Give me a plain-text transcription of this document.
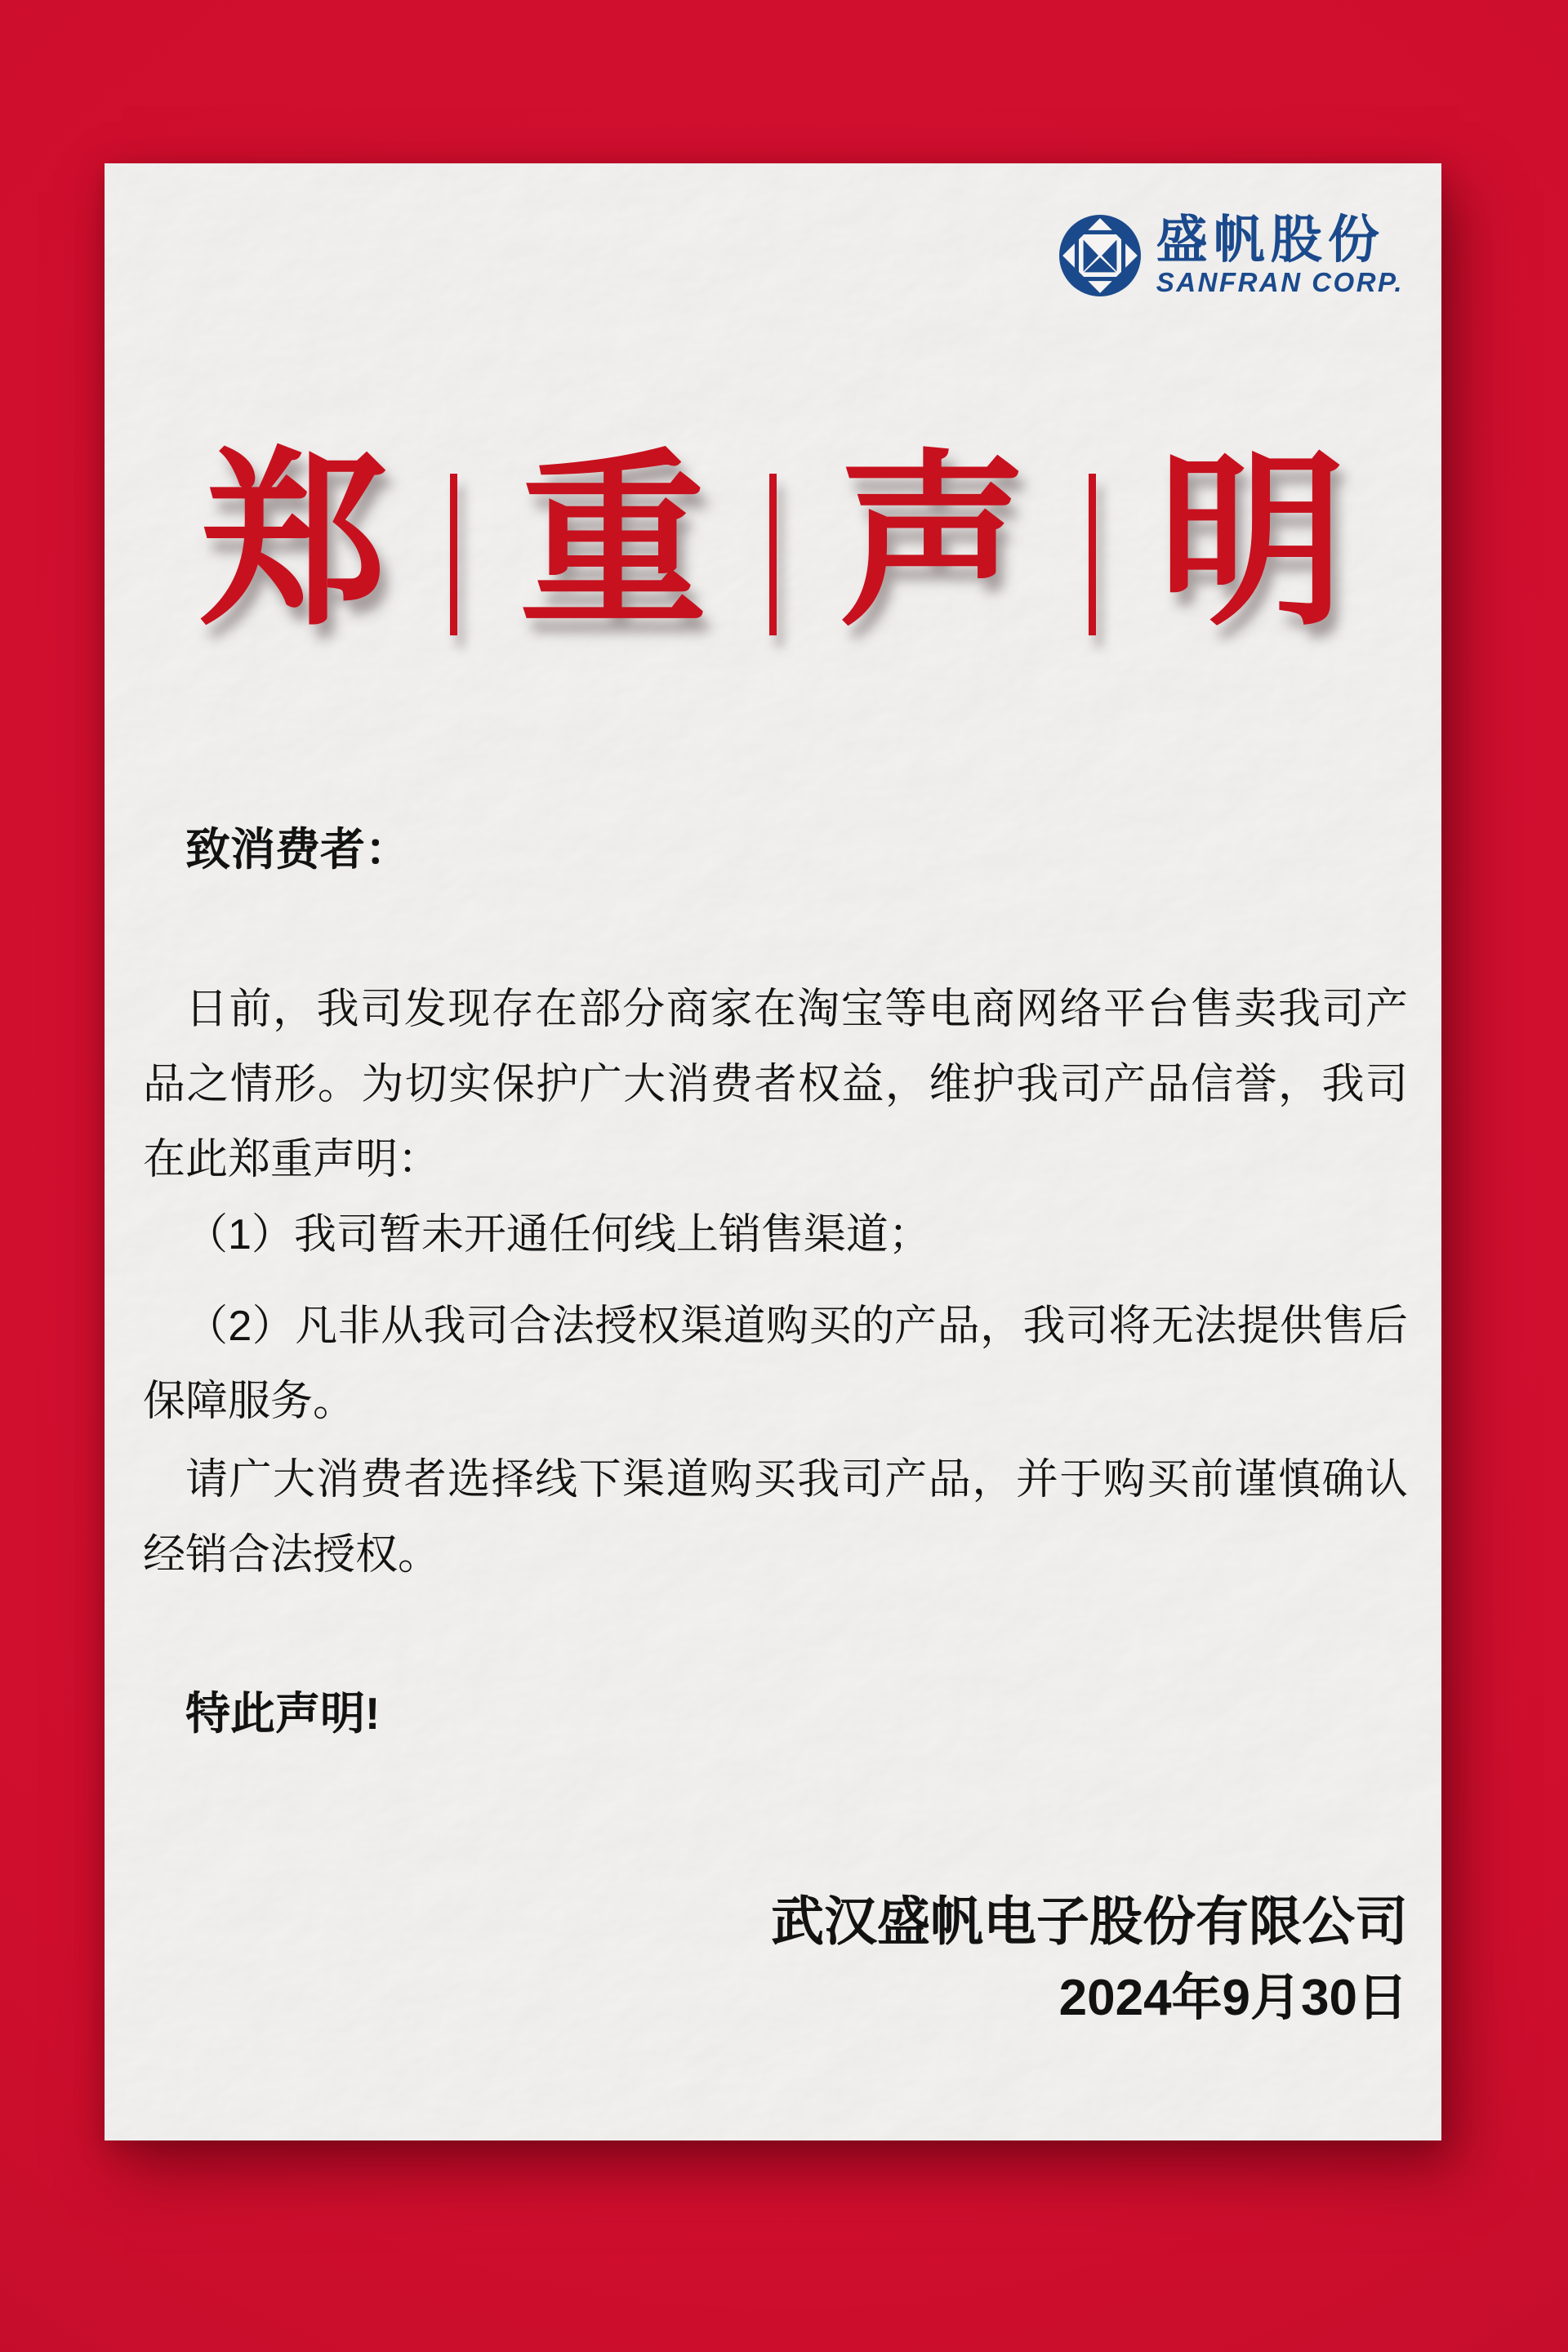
盛帆股份
SANFRAN CORP.
郑 重 声 明

致消费者：

日前，我司发现存在部分商家在淘宝等电商网络平台售卖我司产品之情形。为切实保护广大消费者权益，维护我司产品信誉，我司在此郑重声明：

（1）我司暂未开通任何线上销售渠道；

（2）凡非从我司合法授权渠道购买的产品，我司将无法提供售后保障服务。

请广大消费者选择线下渠道购买我司产品，并于购买前谨慎确认经销合法授权。

特此声明!

武汉盛帆电子股份有限公司
2024年9月30日
